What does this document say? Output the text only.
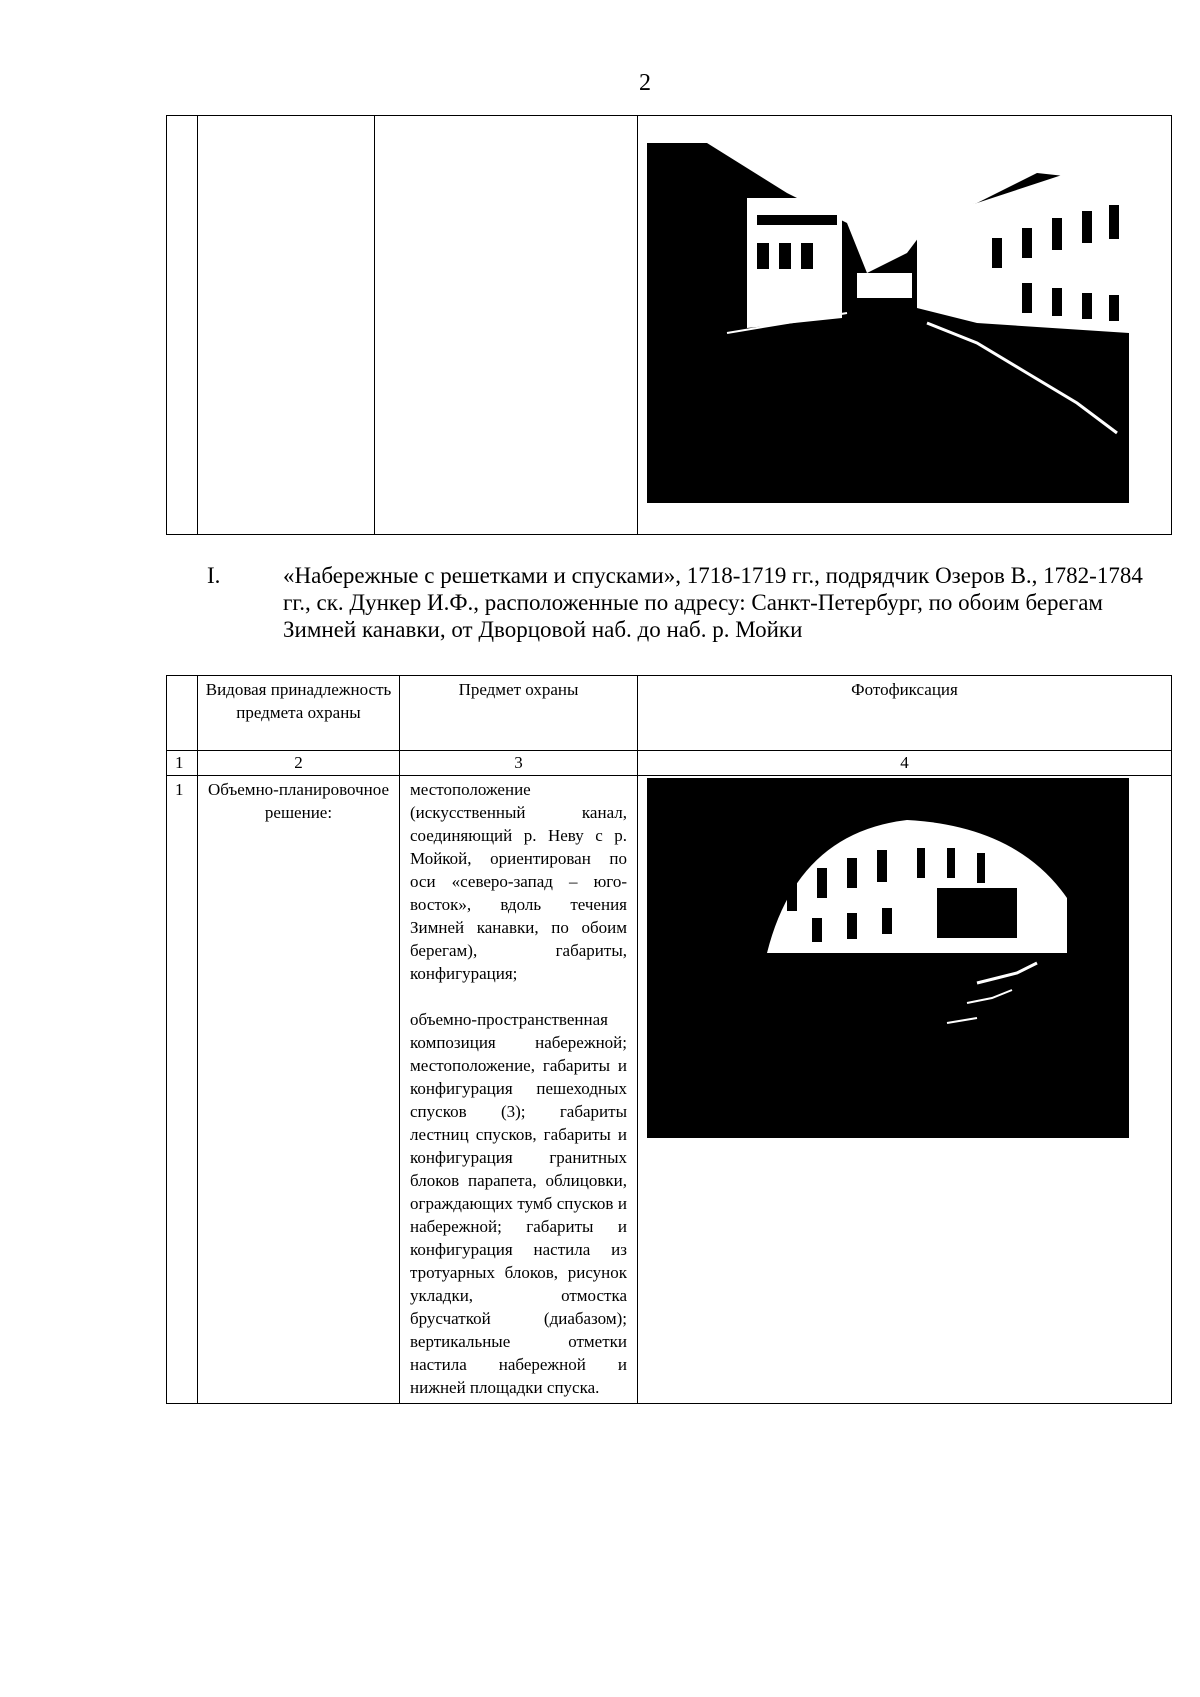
2

I.	«Набережные с решетками и спусками», 1718-1719 гг., подрядчик Озеров В., 1782-1784 гг., ск. Дункер И.Ф., расположенные по адресу: Санкт-Петербург, по обоим берегам Зимней канавки, от Дворцовой наб. до наб. р. Мойки
	Видовая принадлежность предмета охраны	Предмет охраны	Фотофиксация
1	2	3	4
1	Объемно-планировочное решение:	местоположение (искусственный канал, соединяющий р. Неву с р. Мойкой, ориентирован по оси «северо-запад – юго-восток», вдоль течения Зимней канавки, по обоим берегам), габариты, конфигурация;

объемно-пространственная композиция набережной; местоположение, габариты и конфигурация пешеходных спусков (3); габариты лестниц спусков, габариты и конфигурация гранитных блоков парапета, облицовки, ограждающих тумб спусков и набережной; габариты и конфигурация настила из тротуарных блоков, рисунок укладки, отмостка брусчаткой (диабазом); вертикальные отметки настила набережной и нижней площадки спуска.
